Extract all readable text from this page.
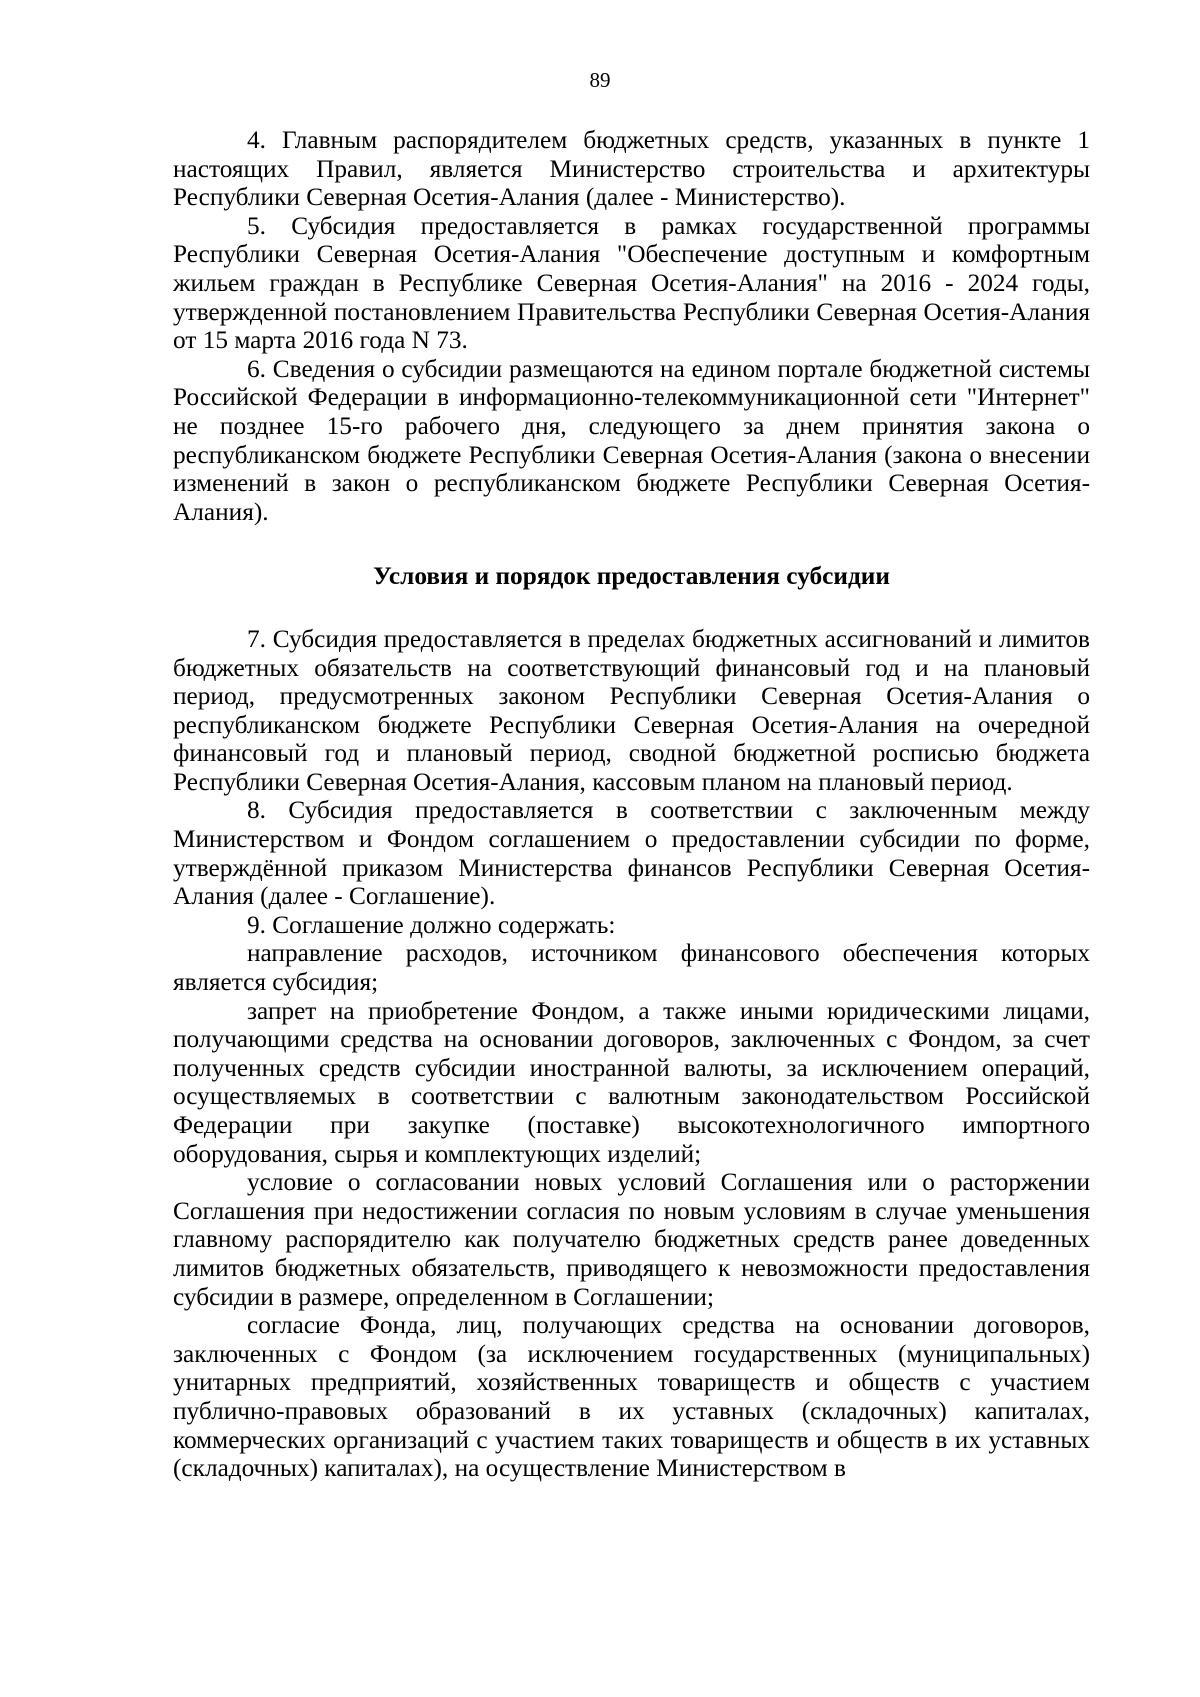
89

4. Главным распорядителем бюджетных средств, указанных в пункте 1 настоящих Правил, является Министерство строительства и архитектуры Республики Северная Осетия-Алания (далее - Министерство).

5. Субсидия предоставляется в рамках государственной программы Республики Северная Осетия-Алания "Обеспечение доступным и комфортным жильем граждан в Республике Северная Осетия-Алания" на 2016 - 2024 годы, утвержденной постановлением Правительства Республики Северная Осетия-Алания от 15 марта 2016 года N 73.

6. Сведения о субсидии размещаются на едином портале бюджетной системы Российской Федерации в информационно-телекоммуникационной сети "Интернет" не позднее 15-го рабочего дня, следующего за днем принятия закона о республиканском бюджете Республики Северная Осетия-Алания (закона о внесении изменений в закон о республиканском бюджете Республики Северная Осетия-Алания).

Условия и порядок предоставления субсидии

7. Субсидия предоставляется в пределах бюджетных ассигнований и лимитов бюджетных обязательств на соответствующий финансовый год и на плановый период, предусмотренных законом Республики Северная Осетия-Алания о республиканском бюджете Республики Северная Осетия-Алания на очередной финансовый год и плановый период, сводной бюджетной росписью бюджета Республики Северная Осетия-Алания, кассовым планом на плановый период.

8. Субсидия предоставляется в соответствии с заключенным между Министерством и Фондом соглашением о предоставлении субсидии по форме, утверждённой приказом Министерства финансов Республики Северная Осетия-Алания (далее - Соглашение).

9. Соглашение должно содержать:

направление расходов, источником финансового обеспечения которых является субсидия;

запрет на приобретение Фондом, а также иными юридическими лицами, получающими средства на основании договоров, заключенных с Фондом, за счет полученных средств субсидии иностранной валюты, за исключением операций, осуществляемых в соответствии с валютным законодательством Российской Федерации при закупке (поставке) высокотехнологичного импортного оборудования, сырья и комплектующих изделий;

условие о согласовании новых условий Соглашения или о расторжении Соглашения при недостижении согласия по новым условиям в случае уменьшения главному распорядителю как получателю бюджетных средств ранее доведенных лимитов бюджетных обязательств, приводящего к невозможности предоставления субсидии в размере, определенном в Соглашении;

согласие Фонда, лиц, получающих средства на основании договоров, заключенных с Фондом (за исключением государственных (муниципальных) унитарных предприятий, хозяйственных товариществ и обществ с участием публично-правовых образований в их уставных (складочных) капиталах, коммерческих организаций с участием таких товариществ и обществ в их уставных (складочных) капиталах), на осуществление Министерством в
